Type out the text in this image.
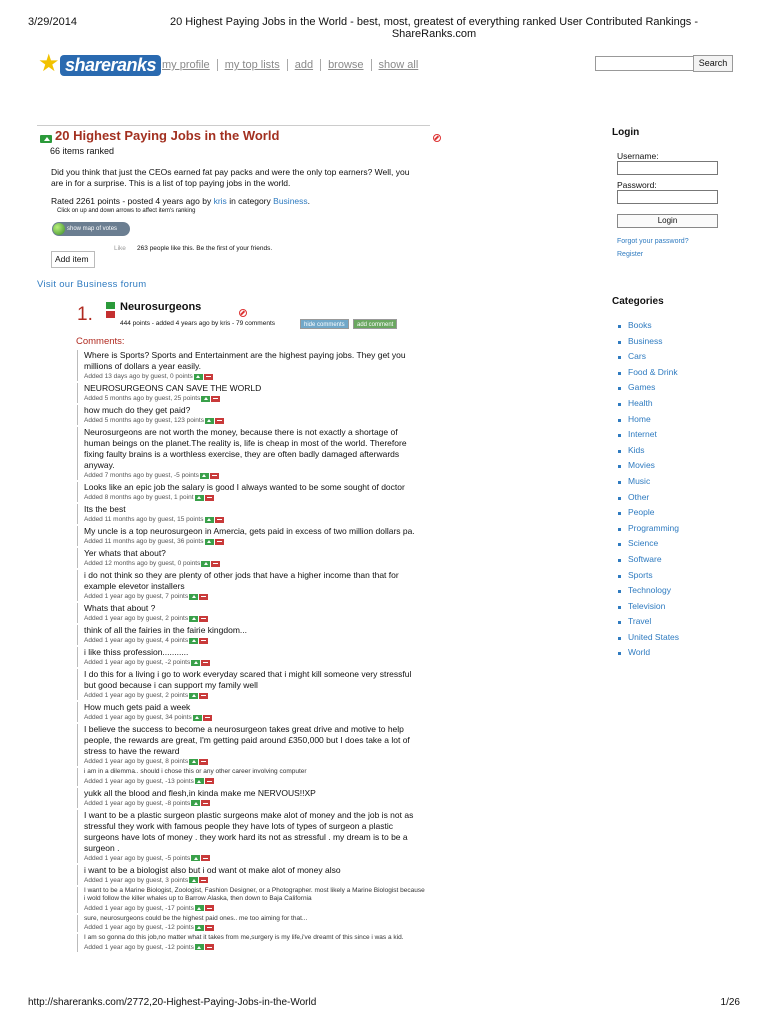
3/29/2014	20 Highest Paying Jobs in the World - best, most, greatest of everything ranked User Contributed Rankings - ShareRanks.com
http://shareranks.com/2772,20-Highest-Paying-Jobs-in-the-World	1/26
★ shareranks my profile	my top lists	add	browse	show all	Search

20 Highest Paying Jobs in the World

66 items ranked
Did you think that just the CEOs earned fat pay packs and were the only top earners? Well, you are in for a surprise. This is a list of top paying jobs in the world.
Rated 2261 points - posted 4 years ago by kris in category Business.
Click on up and down arrows to affect item's ranking
show map of votes
Like 263 people like this. Be the first of your friends.
Add item
Visit our Business forum
1. Neurosurgeons
444 points - added 4 years ago by kris - 79 comments	hide comments	add comment
Comments:
Where is Sports? Sports and Entertainment are the highest paying jobs. They get you millions of dollars a year easily.
Added 13 days ago by guest, 0 points
NEUROSURGEONS CAN SAVE THE WORLD
Added 5 months ago by guest, 25 points
how much do they get paid?
Added 5 months ago by guest, 123 points
Neurosurgeons are not worth the money, because there is not exactly a shortage of human beings on the planet.The reality is, life is cheap in most of the world. Therefore fixing faulty brains is a worthless exercise, they are often badly damaged afterwards anyway.
Added 7 months ago by guest, -5 points
Looks like an epic job the salary is good I always wanted to be some sought of doctor
Added 8 months ago by guest, 1 point
Its the best
Added 11 months ago by guest, 15 points
My uncle is a top neurosurgeon in Amercia, gets paid in excess of two million dollars pa.
Added 11 months ago by guest, 36 points
Yer whats that about?
Added 12 months ago by guest, 0 points
i do not think so they are plenty of other jods that have a higher income than that for example elevetor installers
Added 1 year ago by guest, 7 points
Whats that about ?
Added 1 year ago by guest, 2 points
think of all the fairies in the fairie kingdom...
Added 1 year ago by guest, 4 points
i like thiss profession...........
Added 1 year ago by guest, -2 points
I do this for a living i go to work everyday scared that i might kill someone very stressful but good because i can support my family well
Added 1 year ago by guest, 2 points
How much gets paid a week
Added 1 year ago by guest, 34 points
I believe the success to become a neurosurgeon takes great drive and motive to help people, the rewards are great, I'm getting paid around £350,000 but I does take a lot of stress to have the reward
Added 1 year ago by guest, 8 points
i am in a dilemma.. should i chose this or any other career involving computer
Added 1 year ago by guest, -13 points
yukk all the blood and flesh,in kinda make me NERVOUS!!XP
Added 1 year ago by guest, -8 points
I want to be a plastic surgeon plastic surgeons make alot of money and the job is not as stressful they work with famous people they have lots of types of surgeon a plastic surgeons have lots of money . they work hard its not as stressful . my dream is to be a surgeon .
Added 1 year ago by guest, -5 points
i want to be a biologist also but i od want ot make alot of money also
Added 1 year ago by guest, 3 points
I want to be a Marine Biologist, Zoologist, Fashion Designer, or a Photographer. most likely a Marine Biologist because i wold follow the killer whales up to Barrow Alaska, then down to Baja California
Added 1 year ago by guest, -17 points
sure, neurosurgeons could be the highest paid ones.. me too aiming for that...
Added 1 year ago by guest, -12 points
I am so gonna do this job,no matter what it takes from me,surgery is my life,i've dreamt of this since i was a kid.
Added 1 year ago by guest, -12 points
Login
Username:
Password:
Login
Forgot your password?
Register
Categories
Books
Business
Cars
Food & Drink
Games
Health
Home
Internet
Kids
Movies
Music
Other
People
Programming
Science
Software
Sports
Technology
Television
Travel
United States
World
